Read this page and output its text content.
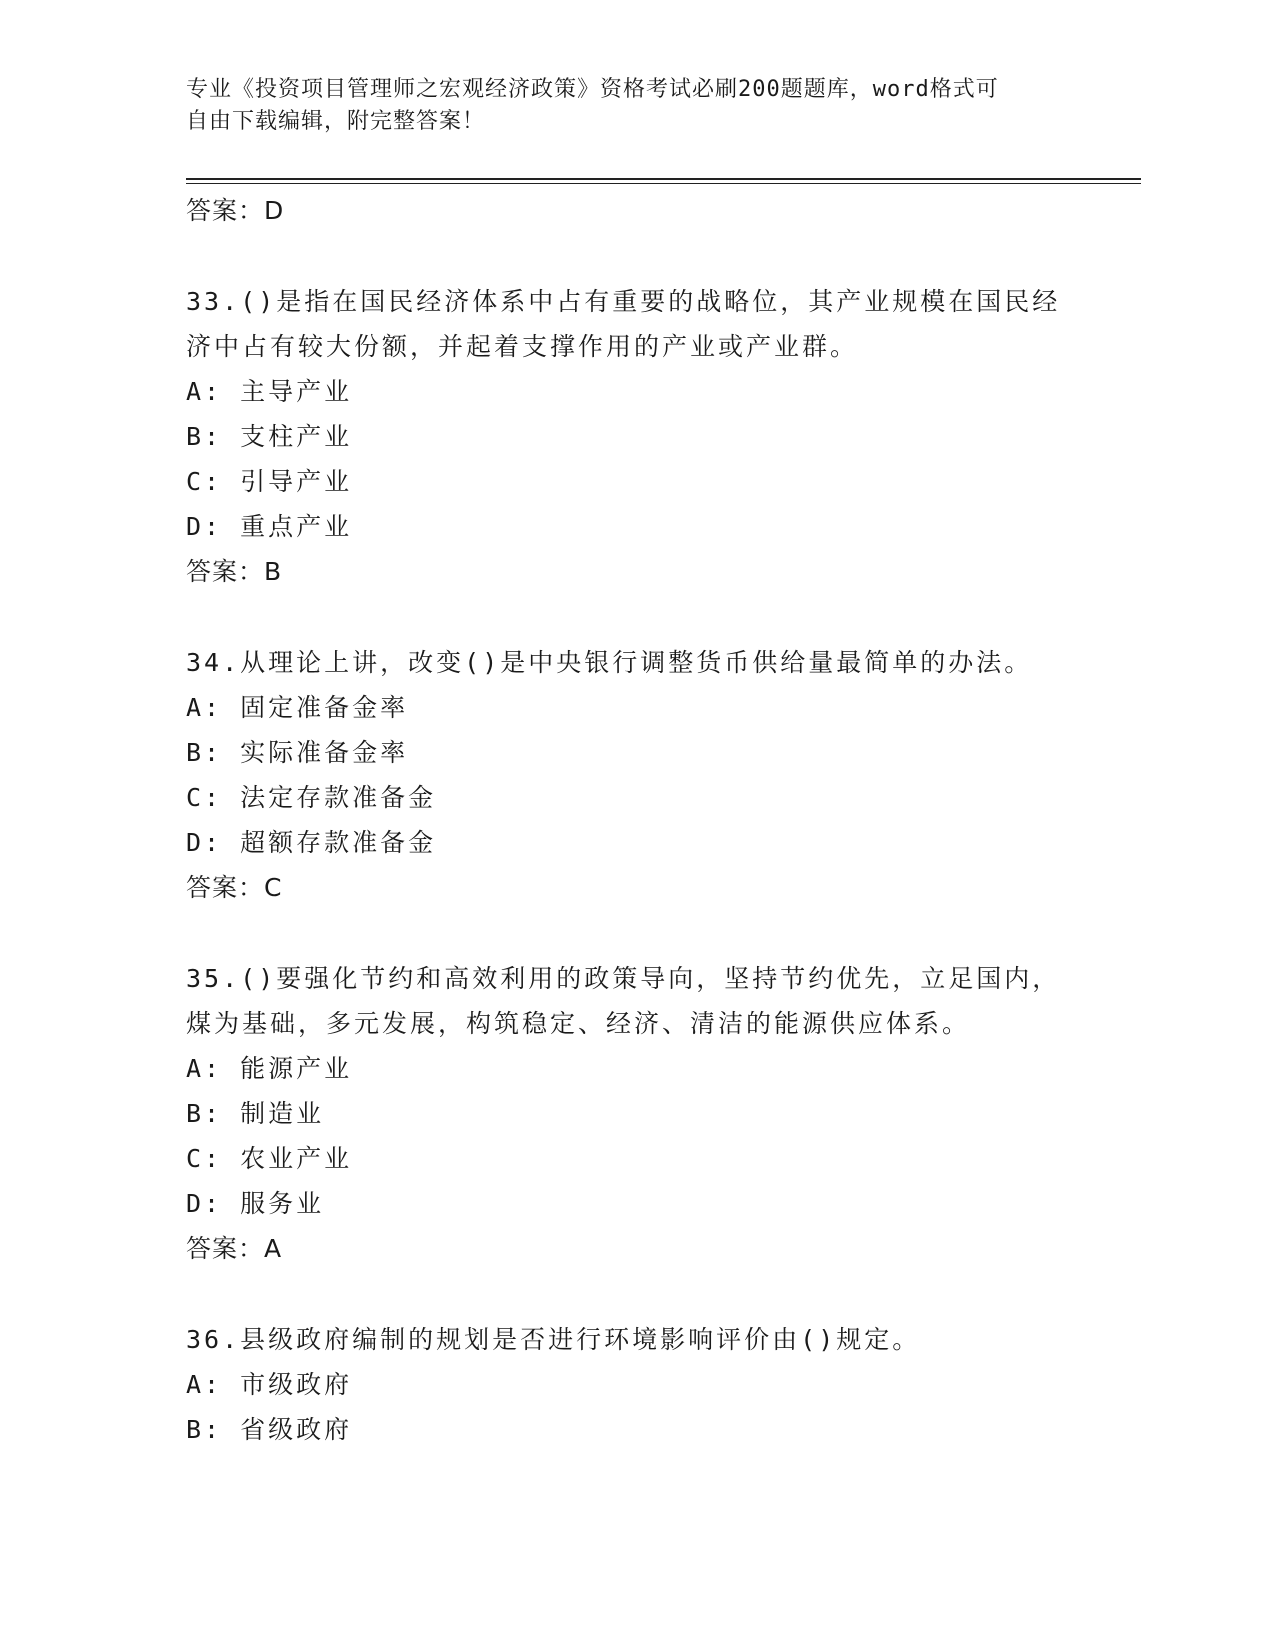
专业《投资项目管理师之宏观经济政策》资格考试必刷200题题库，word格式可
自由下载编辑，附完整答案！
答案：D
33.()是指在国民经济体系中占有重要的战略位，其产业规模在国民经
济中占有较大份额，并起着支撑作用的产业或产业群。
A: 主导产业
B: 支柱产业
C: 引导产业
D: 重点产业
答案：B
34.从理论上讲，改变()是中央银行调整货币供给量最简单的办法。
A: 固定准备金率
B: 实际准备金率
C: 法定存款准备金
D: 超额存款准备金
答案：C
35.()要强化节约和高效利用的政策导向，坚持节约优先，立足国内，
煤为基础，多元发展，构筑稳定、经济、清洁的能源供应体系。
A: 能源产业
B: 制造业
C: 农业产业
D: 服务业
答案：A
36.县级政府编制的规划是否进行环境影响评价由()规定。
A: 市级政府
B: 省级政府
